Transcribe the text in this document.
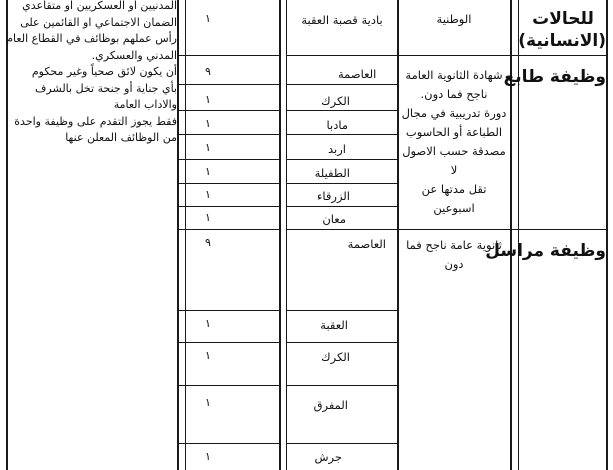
المدنيين او العسكريين او متقاعدي
الضمان الاجتماعي او القائمين على
رأس عملهم بوظائف في القطاع العام
المدني والعسكري.
أن يكون لائق صحياً وغير محكوم
بأي جناية أو جنحة تخل بالشرف
والاداب العامة
فقط يجوز التقدم على وظيفة واحدة
من الوظائف المعلن عنها
للحالات
(الانسانية)
الوطنية
بادية قصبة العقبة
١
وظيفة طابع
شهادة الثانوية العامة
ناجح فما دون.
دورة تدريبية في مجال
الطباعة أو الحاسوب
مصدقة حسب الاصول لا
تقل مدتها عن اسبوعين
العاصمة
٩
الكرك
١
مادبا
١
اربد
١
الطفيلة
١
الزرقاء
١
معان
١
وظيفة مراسل
ثانوية عامة ناجح فما
دون
العاصمة
٩
العقبة
١
الكرك
١
المفرق
١
جرش
١
